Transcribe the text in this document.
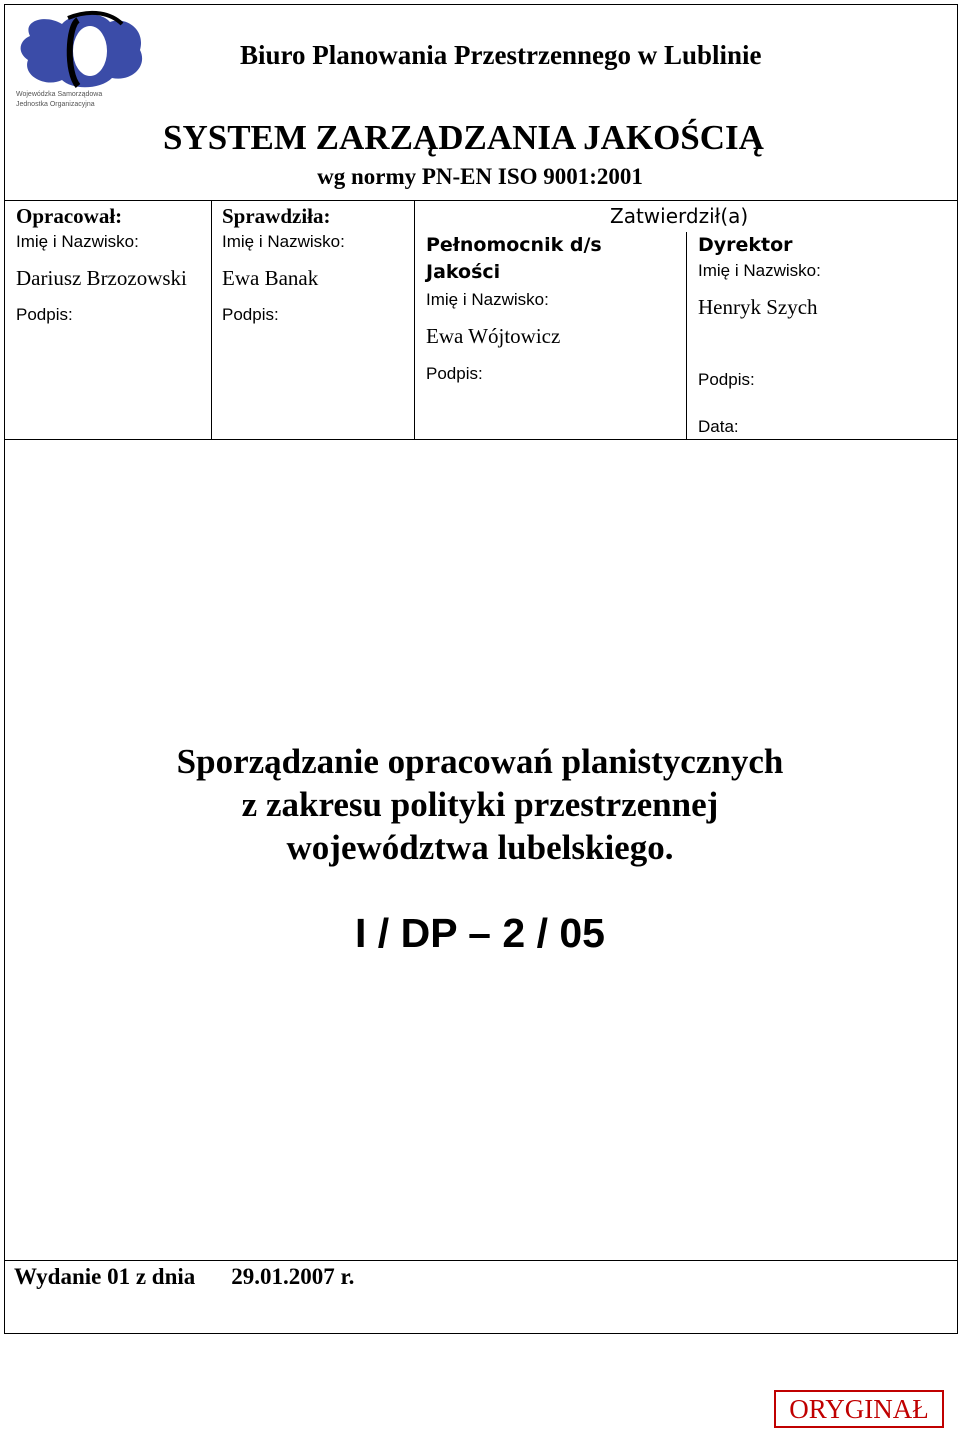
Wojewódzka Samorządowa
Jednostka Organizacyjna
Biuro Planowania Przestrzennego w Lublinie
SYSTEM ZARZĄDZANIA JAKOŚCIĄ
wg normy PN-EN ISO 9001:2001
Opracował:
Imię i Nazwisko:
Dariusz Brzozowski
Podpis:
Sprawdziła:
Imię i Nazwisko:
Ewa Banak
Podpis:
Zatwierdził(a)
Pełnomocnik d/s
Jakości
Imię i Nazwisko:
Ewa Wójtowicz
Podpis:
Dyrektor
Imię i Nazwisko:
Henryk Szych
Podpis:
Data:
Sporządzanie opracowań planistycznych
z zakresu polityki przestrzennej
województwa lubelskiego.
I / DP – 2 / 05
Wydanie 01 z dnia 29.01.2007 r.
ORYGINAŁ
